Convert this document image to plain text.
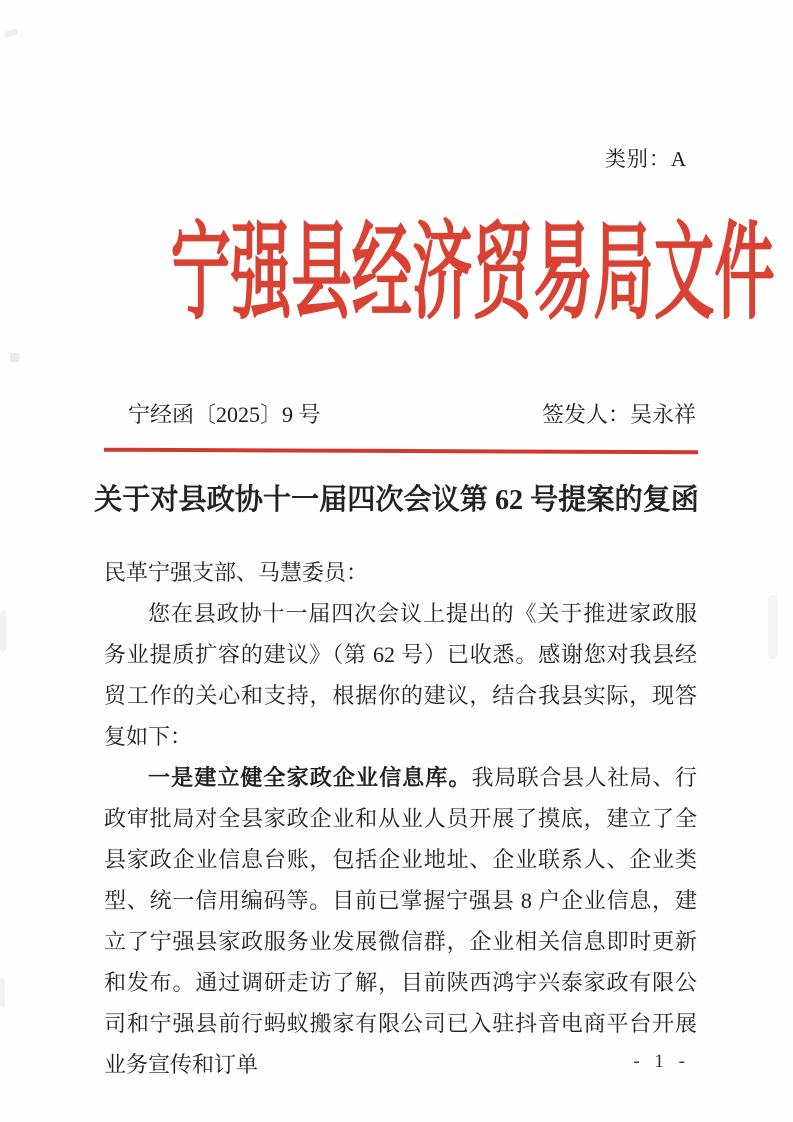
类别：A
宁强县经济贸易局文件
宁经函〔2025〕9 号	签发人：吴永祥
关于对县政协十一届四次会议第 62 号提案的复函

民革宁强支部、马慧委员：

您在县政协十一届四次会议上提出的《关于推进家政服务业提质扩容的建议》（第 62 号）已收悉。感谢您对我县经贸工作的关心和支持，根据你的建议，结合我县实际，现答复如下：

一是建立健全家政企业信息库。我局联合县人社局、行政审批局对全县家政企业和从业人员开展了摸底，建立了全县家政企业信息台账，包括企业地址、企业联系人、企业类型、统一信用编码等。目前已掌握宁强县 8 户企业信息，建立了宁强县家政服务业发展微信群，企业相关信息即时更新和发布。通过调研走访了解，目前陕西鸿宇兴泰家政有限公司和宁强县前行蚂蚁搬家有限公司已入驻抖音电商平台开展业务宣传和订单	- 1 -
